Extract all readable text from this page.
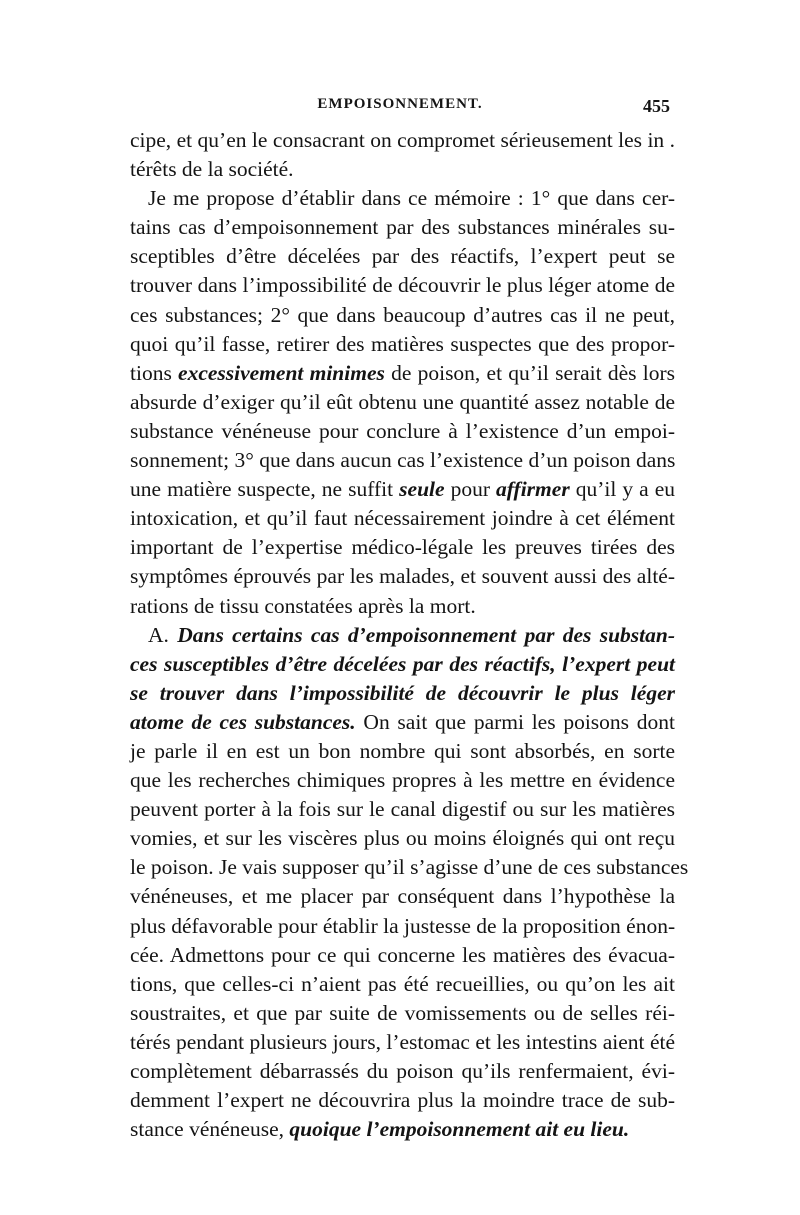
EMPOISONNEMENT.	455
cipe, et qu’en le consacrant on compromet sérieusement les in .
térêts de la société.
Je me propose d’établir dans ce mémoire : 1° que dans cer-
tains cas d’empoisonnement par des substances minérales su-
sceptibles d’être décelées par des réactifs, l’expert peut se
trouver dans l’impossibilité de découvrir le plus léger atome de
ces substances; 2° que dans beaucoup d’autres cas il ne peut,
quoi qu’il fasse, retirer des matières suspectes que des propor-
tions excessivement minimes de poison, et qu’il serait dès lors
absurde d’exiger qu’il eût obtenu une quantité assez notable de
substance vénéneuse pour conclure à l’existence d’un empoi-
sonnement; 3° que dans aucun cas l’existence d’un poison dans
une matière suspecte, ne suffit seule pour affirmer qu’il y a eu
intoxication, et qu’il faut nécessairement joindre à cet élément
important de l’expertise médico-légale les preuves tirées des
symptômes éprouvés par les malades, et souvent aussi des alté-
rations de tissu constatées après la mort.
A. Dans certains cas d’empoisonnement par des substan-
ces susceptibles d’être décelées par des réactifs, l’expert peut
se trouver dans l’impossibilité de découvrir le plus léger
atome de ces substances. On sait que parmi les poisons dont
je parle il en est un bon nombre qui sont absorbés, en sorte
que les recherches chimiques propres à les mettre en évidence
peuvent porter à la fois sur le canal digestif ou sur les matières
vomies, et sur les viscères plus ou moins éloignés qui ont reçu
le poison. Je vais supposer qu’il s’agisse d’une de ces substances
vénéneuses, et me placer par conséquent dans l’hypothèse la
plus défavorable pour établir la justesse de la proposition énon-
cée. Admettons pour ce qui concerne les matières des évacua-
tions, que celles-ci n’aient pas été recueillies, ou qu’on les ait
soustraites, et que par suite de vomissements ou de selles réi-
térés pendant plusieurs jours, l’estomac et les intestins aient été
complètement débarrassés du poison qu’ils renfermaient, évi-
demment l’expert ne découvrira plus la moindre trace de sub-
stance vénéneuse, quoique l’empoisonnement ait eu lieu.
